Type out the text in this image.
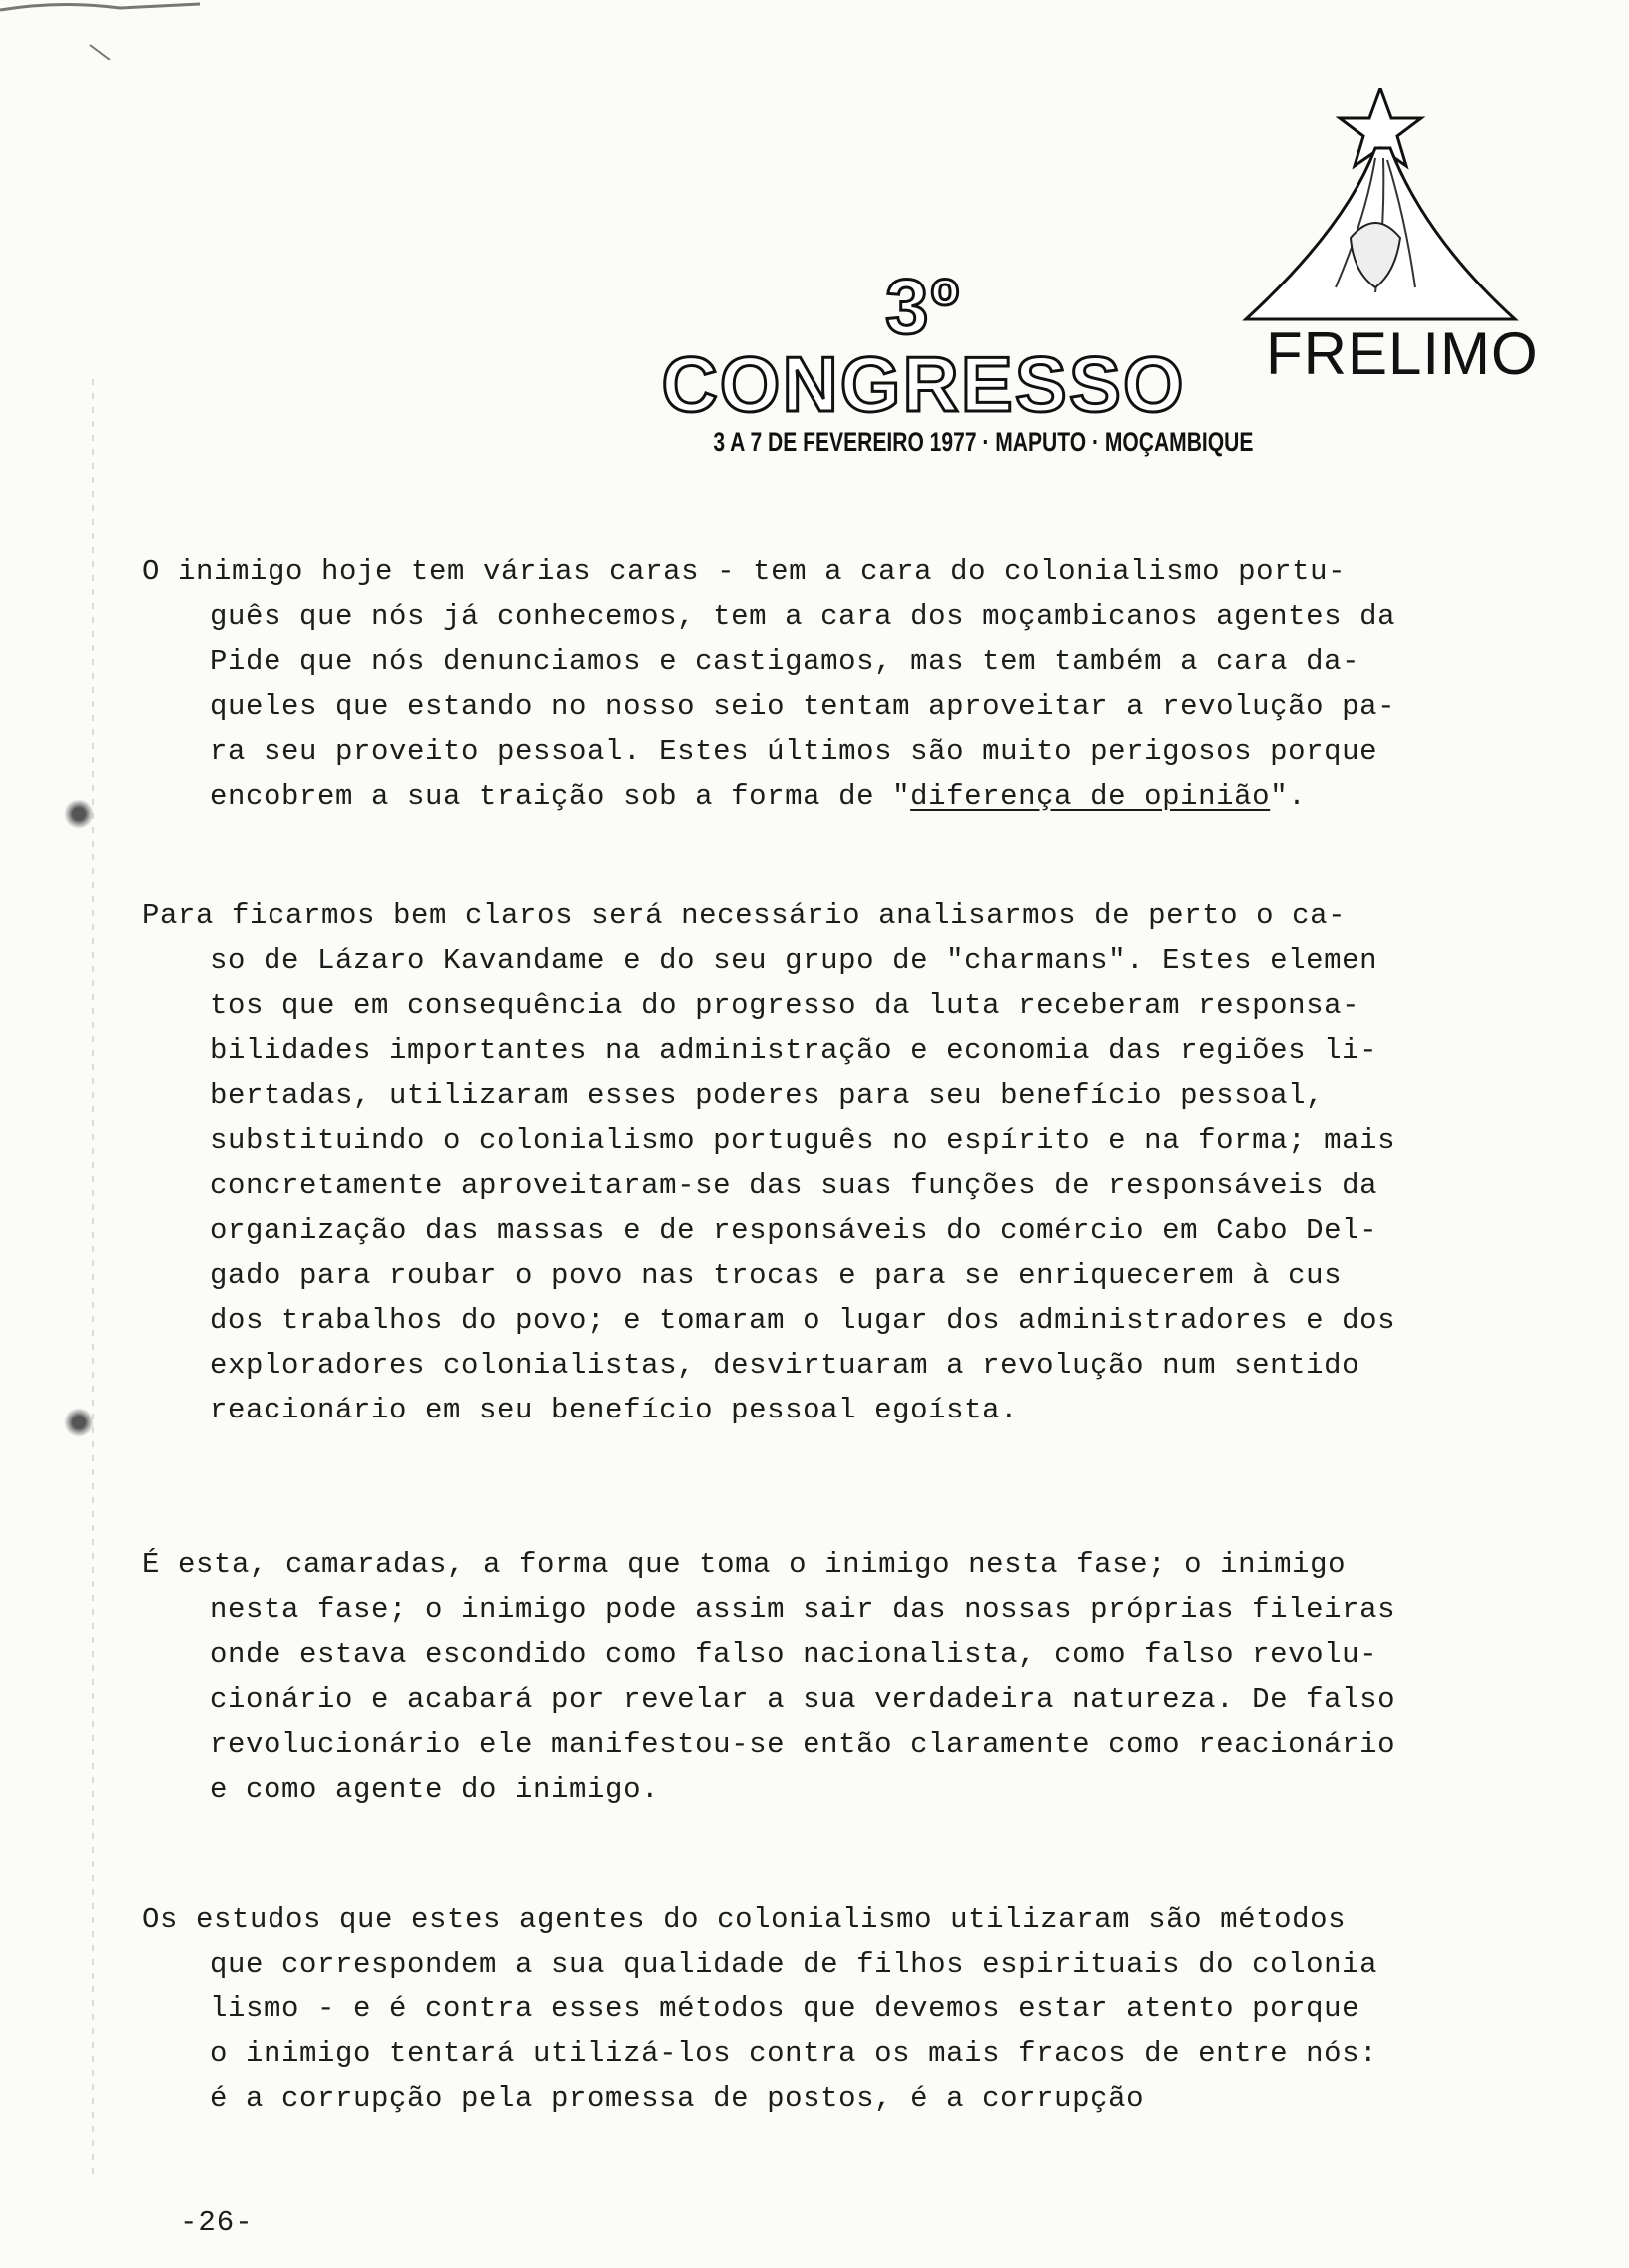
3º CONGRESSO
3 A 7 DE FEVEREIRO 1977 · MAPUTO · MOÇAMBIQUE
FRELIMO
O inimigo hoje tem várias caras - tem a cara do colonialismo portu-
guês que nós já conhecemos, tem a cara dos moçambicanos agentes da
Pide que nós denunciamos e castigamos, mas tem também a cara da-
queles que estando no nosso seio tentam aproveitar a revolução pa-
ra seu proveito pessoal. Estes últimos são muito perigosos porque
encobrem a sua traição sob a forma de "diferença de opinião".
Para ficarmos bem claros será necessário analisarmos de perto o ca-
so de Lázaro Kavandame e do seu grupo de "charmans". Estes elemen
tos que em consequência do progresso da luta receberam responsa-
bilidades importantes na administração e economia das regiões li-
bertadas, utilizaram esses poderes para seu benefício pessoal,
substituindo o colonialismo português no espírito e na forma; mais
concretamente aproveitaram-se das suas funções de responsáveis da
organização das massas e de responsáveis do comércio em Cabo Del-
gado para roubar o povo nas trocas e para se enriquecerem à cus
dos trabalhos do povo; e tomaram o lugar dos administradores e dos
exploradores colonialistas, desvirtuaram a revolução num sentido
reacionário em seu benefício pessoal egoísta.
É esta, camaradas, a forma que toma o inimigo nesta fase; o inimigo
nesta fase; o inimigo pode assim sair das nossas próprias fileiras
onde estava escondido como falso nacionalista, como falso revolu-
cionário e acabará por revelar a sua verdadeira natureza. De falso
revolucionário ele manifestou-se então claramente como reacionário
e como agente do inimigo.
Os estudos que estes agentes do colonialismo utilizaram são métodos
que correspondem a sua qualidade de filhos espirituais do colonia
lismo - e é contra esses métodos que devemos estar atento porque
o inimigo tentará utilizá-los contra os mais fracos de entre nós:
é a corrupção pela promessa de postos, é a corrupção
-26-
